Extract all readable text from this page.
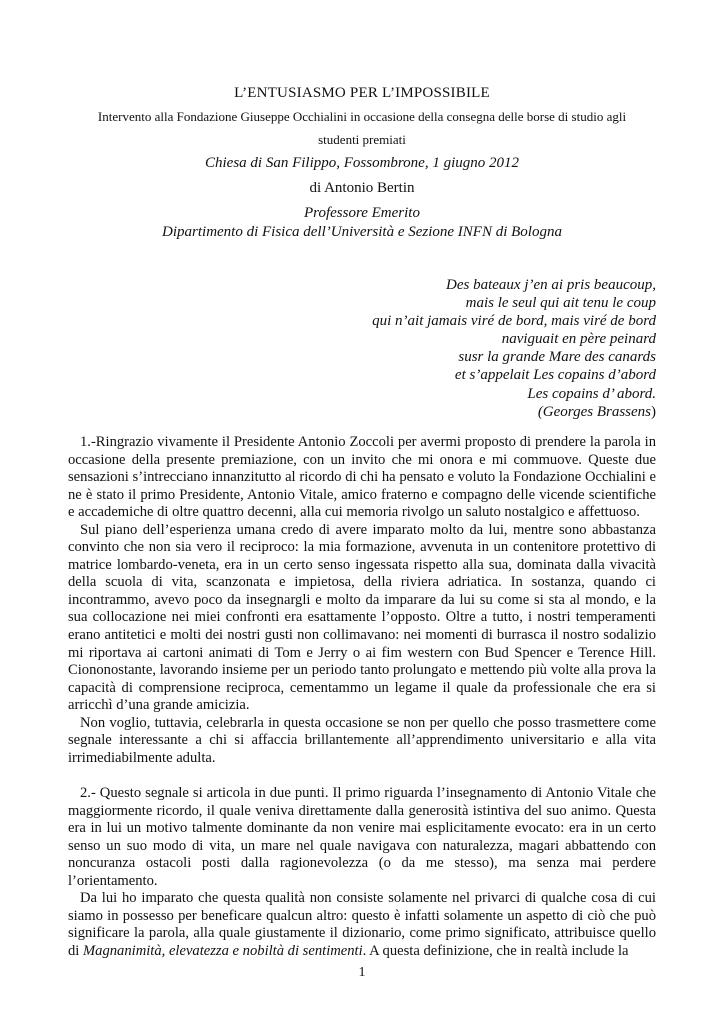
L’ENTUSIASMO PER L’IMPOSSIBILE
Intervento alla Fondazione Giuseppe Occhialini in occasione della consegna delle borse di studio agli
studenti premiati
Chiesa di San Filippo, Fossombrone, 1 giugno 2012
di Antonio Bertin
Professore Emerito
Dipartimento di Fisica dell’Università e Sezione INFN di Bologna
Des bateaux j’en ai pris beaucoup,
mais le seul qui ait tenu le coup
qui n’ait jamais viré de bord, mais viré de bord
naviguait en père peinard
susr la grande Mare des canards
et s’appelait Les copains d’abord
Les copains d’ abord.
(Georges Brassens)

1.-Ringrazio vivamente il Presidente Antonio Zoccoli per avermi proposto di prendere la parola in occasione della presente premiazione, con un invito che mi onora e mi commuove. Queste due sensazioni s’intrecciano innanzitutto al ricordo di chi ha pensato e voluto la Fondazione Occhialini e ne è stato il primo Presidente, Antonio Vitale, amico fraterno e compagno delle vicende scientifiche e accademiche di oltre quattro decenni, alla cui memoria rivolgo un saluto nostalgico e affettuoso.

Sul piano dell’esperienza umana credo di avere imparato molto da lui, mentre sono abbastanza convinto che non sia vero il reciproco: la mia formazione, avvenuta in un contenitore protettivo di matrice lombardo-veneta, era in un certo senso ingessata rispetto alla sua, dominata dalla vivacità della scuola di vita, scanzonata e impietosa, della riviera adriatica. In sostanza, quando ci incontrammo, avevo poco da insegnargli e molto da imparare da lui su come si sta al mondo, e la sua collocazione nei miei confronti era esattamente l’opposto. Oltre a tutto, i nostri temperamenti erano antitetici e molti dei nostri gusti non collimavano: nei momenti di burrasca il nostro sodalizio mi riportava ai cartoni animati di Tom e Jerry o ai fim western con Bud Spencer e Terence Hill. Ciononostante, lavorando insieme per un periodo tanto prolungato e mettendo più volte alla prova la capacità di comprensione reciproca, cementammo un legame il quale da professionale che era si arricchì d’una grande amicizia.

Non voglio, tuttavia, celebrarla in questa occasione se non per quello che posso trasmettere come segnale interessante a chi si affaccia brillantemente all’apprendimento universitario e alla vita irrimediabilmente adulta.

2.- Questo segnale si articola in due punti. Il primo riguarda l’insegnamento di Antonio Vitale che maggiormente ricordo, il quale veniva direttamente dalla generosità istintiva del suo animo. Questa era in lui un motivo talmente dominante da non venire mai esplicitamente evocato: era in un certo senso un suo modo di vita, un mare nel quale navigava con naturalezza, magari abbattendo con noncuranza ostacoli posti dalla ragionevolezza (o da me stesso), ma senza mai perdere l’orientamento.

Da lui ho imparato che questa qualità non consiste solamente nel privarci di qualche cosa di cui siamo in possesso per beneficare qualcun altro: questo è infatti solamente un aspetto di ciò che può significare la parola, alla quale giustamente il dizionario, come primo significato, attribuisce quello di Magnanimità, elevatezza e nobiltà di sentimenti. A questa definizione, che in realtà include la

1
